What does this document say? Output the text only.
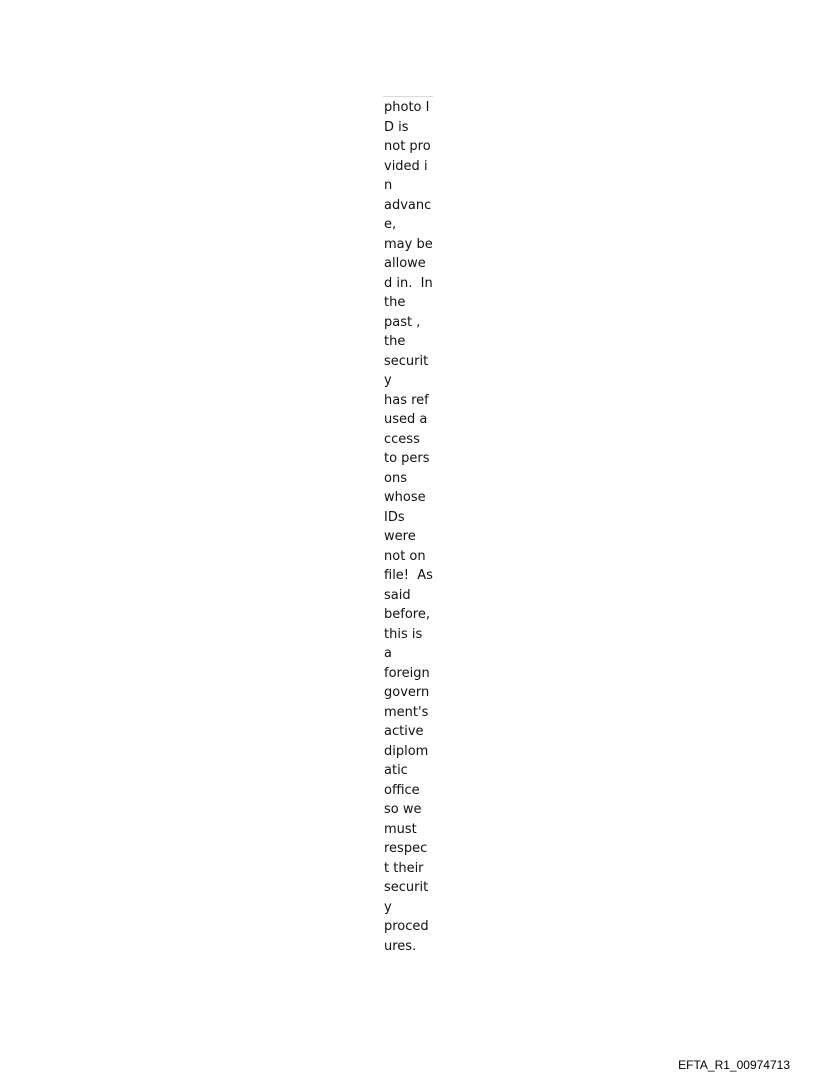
photo I
D is
not pro
vided i
n
advanc
e,
may be
allowe
d in.  In
the
past ,
the
securit
y
has ref
used a
ccess
to pers
ons
whose
IDs
were
not on
file!  As
said
before,
this is
a
foreign
govern
ment's
active
diplom
atic
office
so we
must
respec
t their
securit
y
proced
ures.
EFTA_R1_00974713
